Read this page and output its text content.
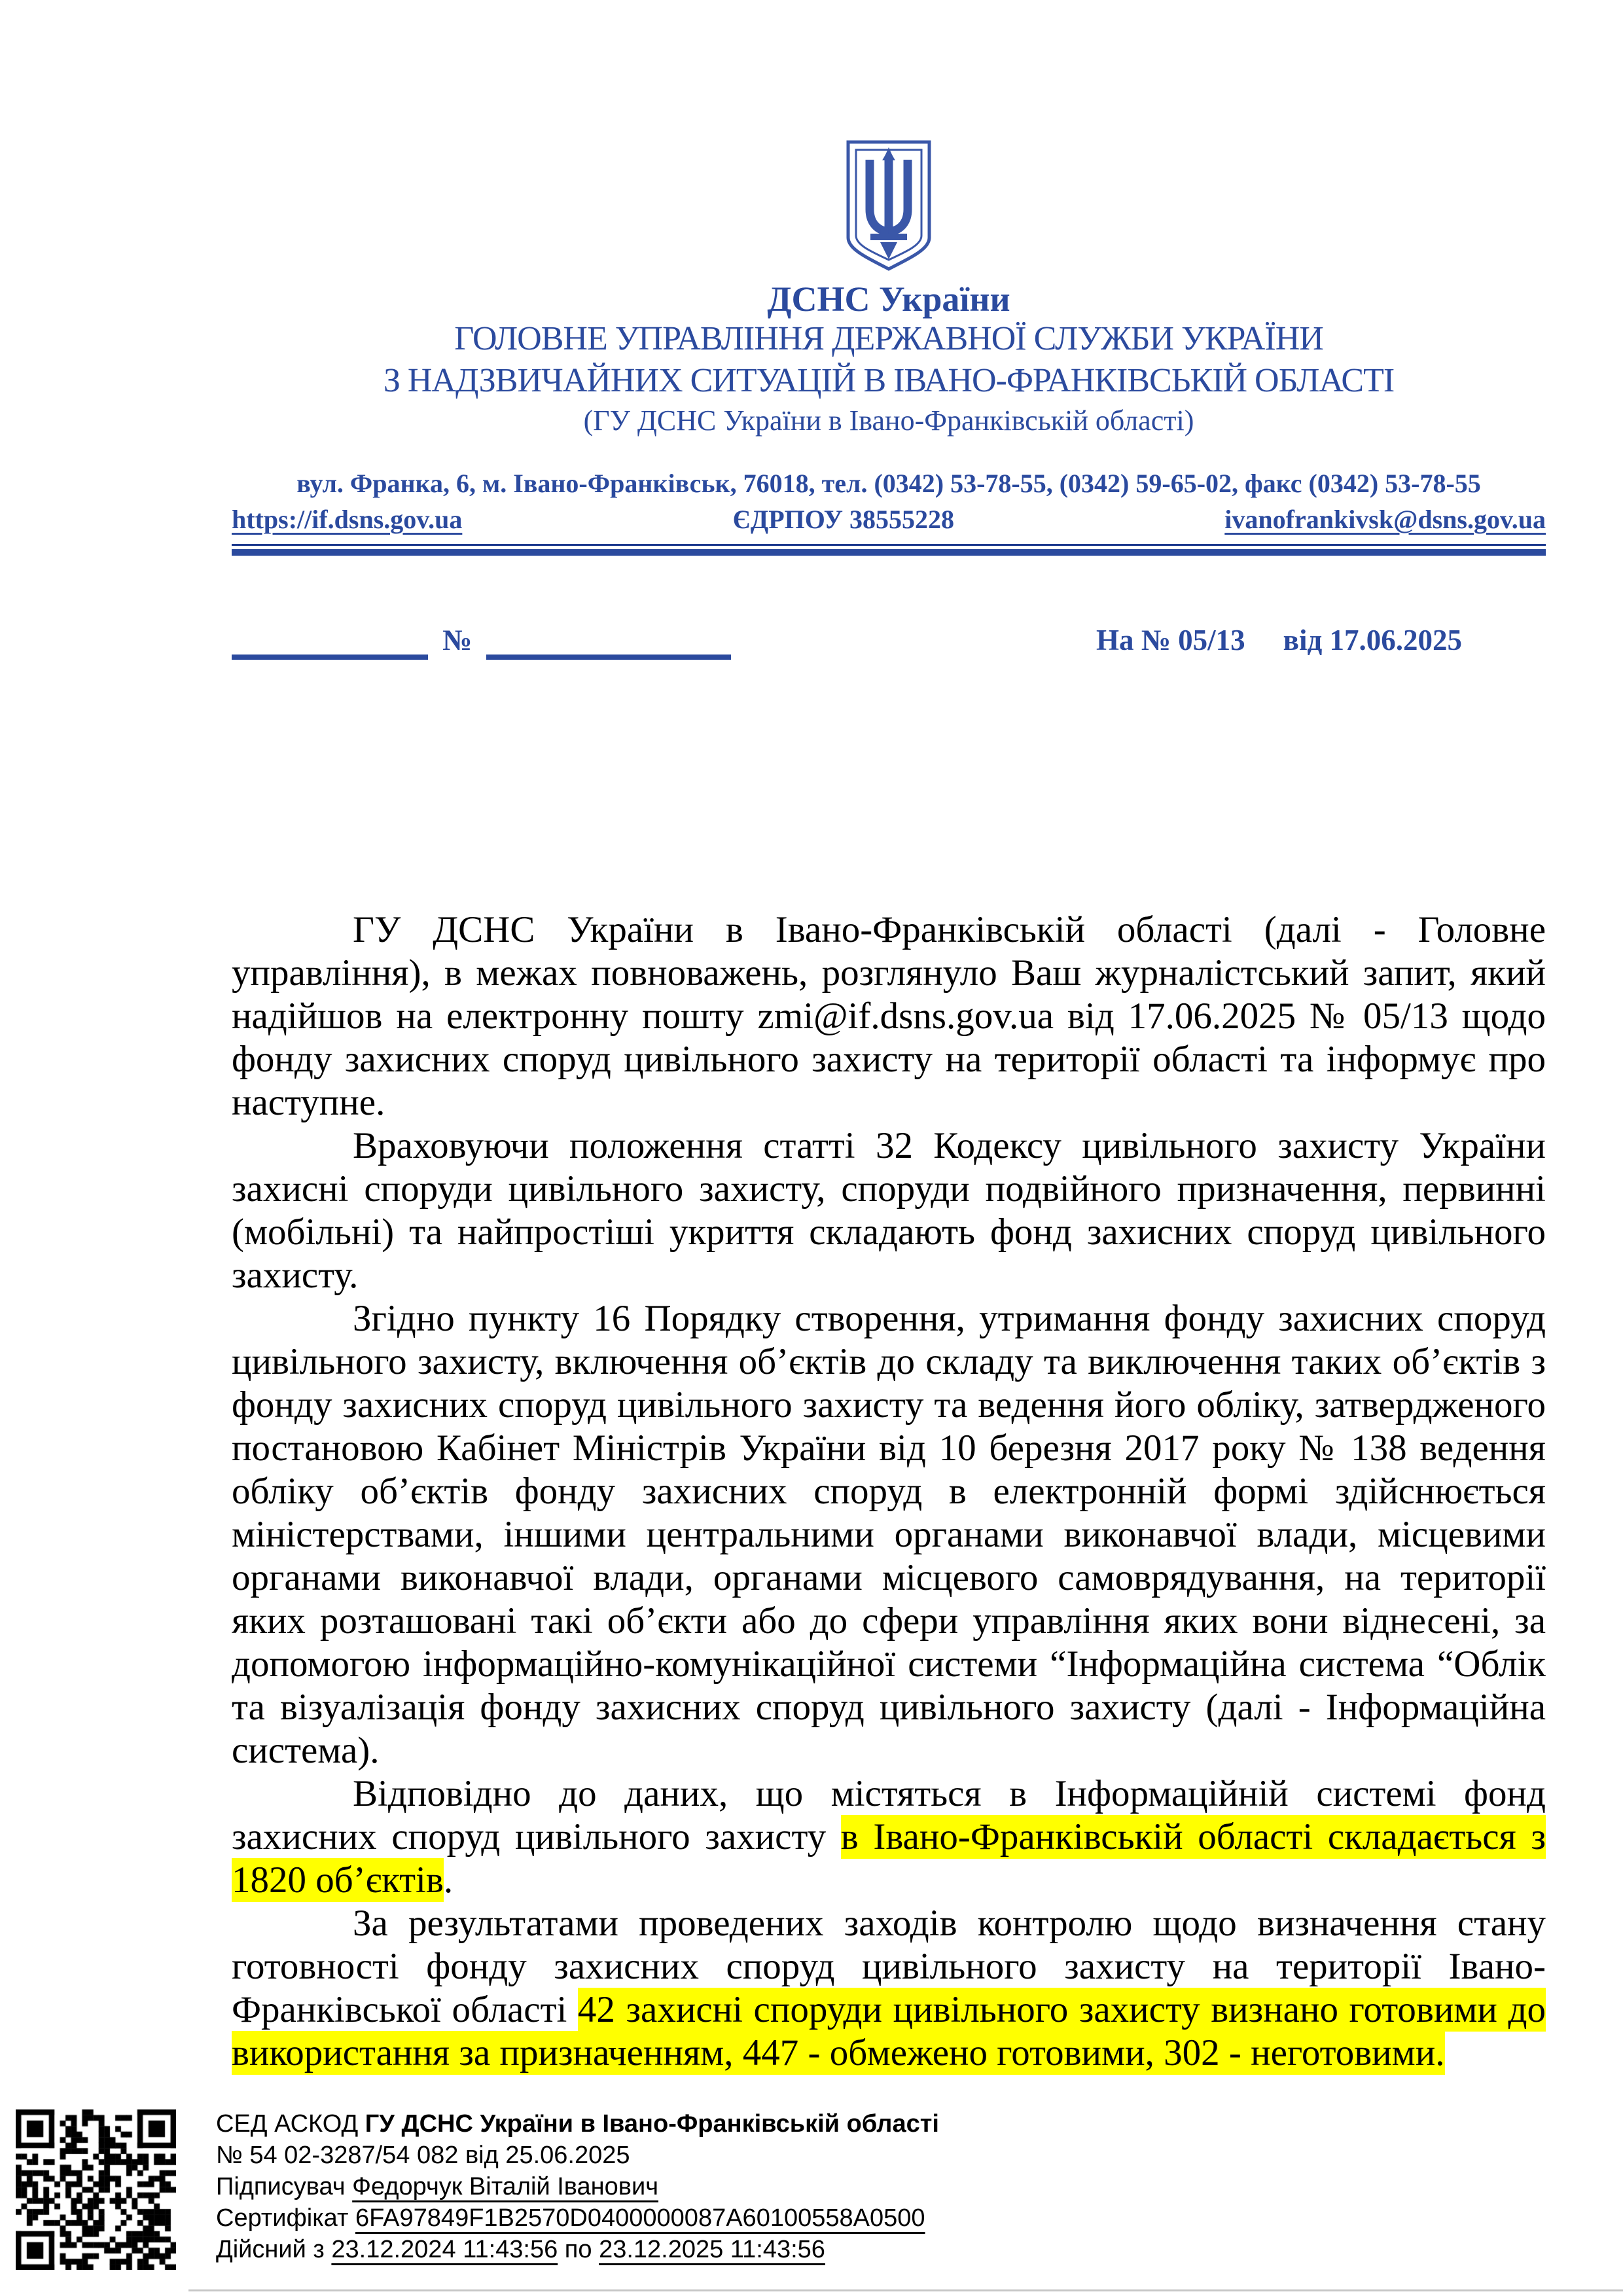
ДСНС України
ГОЛОВНЕ УПРАВЛІННЯ ДЕРЖАВНОЇ СЛУЖБИ УКРАЇНИ
З НАДЗВИЧАЙНИХ СИТУАЦІЙ В ІВАНО-ФРАНКІВСЬКІЙ ОБЛАСТІ
(ГУ ДСНС України в Івано-Франківській області)
вул. Франка, 6, м. Івано-Франківськ, 76018, тел. (0342) 53-78-55, (0342) 59-65-02, факс (0342) 53-78-55
https://if.dsns.gov.ua	ЄДРПОУ 38555228	ivanofrankivsk@dsns.gov.ua
№	На № 05/13 від 17.06.2025

ГУ ДСНС України в Івано-Франківській області (далі - Головне управління), в межах повноважень, розглянуло Ваш журналістський запит, який надійшов на електронну пошту zmi@if.dsns.gov.ua від 17.06.2025 № 05/13 щодо фонду захисних споруд цивільного захисту на території області та інформує про наступне.

Враховуючи положення статті 32 Кодексу цивільного захисту України захисні споруди цивільного захисту, споруди подвійного призначення, первинні (мобільні) та найпростіші укриття складають фонд захисних споруд цивільного захисту.

Згідно пункту 16 Порядку створення, утримання фонду захисних споруд цивільного захисту, включення об’єктів до складу та виключення таких об’єктів з фонду захисних споруд цивільного захисту та ведення його обліку, затвердженого постановою Кабінет Міністрів України від 10 березня 2017 року № 138 ведення обліку об’єктів фонду захисних споруд в електронній формі здійснюється міністерствами, іншими центральними органами виконавчої влади, місцевими органами виконавчої влади, органами місцевого самоврядування, на території яких розташовані такі об’єкти або до сфери управління яких вони віднесені, за допомогою інформаційно-комунікаційної системи “Інформаційна система “Облік та візуалізація фонду захисних споруд цивільного захисту (далі - Інформаційна система).

Відповідно до даних, що містяться в Інформаційній системі фонд захисних споруд цивільного захисту в Івано-Франківській області складається з 1820 об’єктів.

За результатами проведених заходів контролю щодо визначення стану готовності фонду захисних споруд цивільного захисту на території Івано-Франківської області 42 захисні споруди цивільного захисту визнано готовими до використання за призначенням, 447 - обмежено готовими, 302 - неготовими.

СЕД АСКОД ГУ ДСНС України в Івано-Франківській області
№ 54 02-3287/54 082 від 25.06.2025
Підписувач Федорчук Віталій Іванович
Сертифікат 6FA97849F1B2570D0400000087A60100558A0500
Дійсний з 23.12.2024 11:43:56 по 23.12.2025 11:43:56
